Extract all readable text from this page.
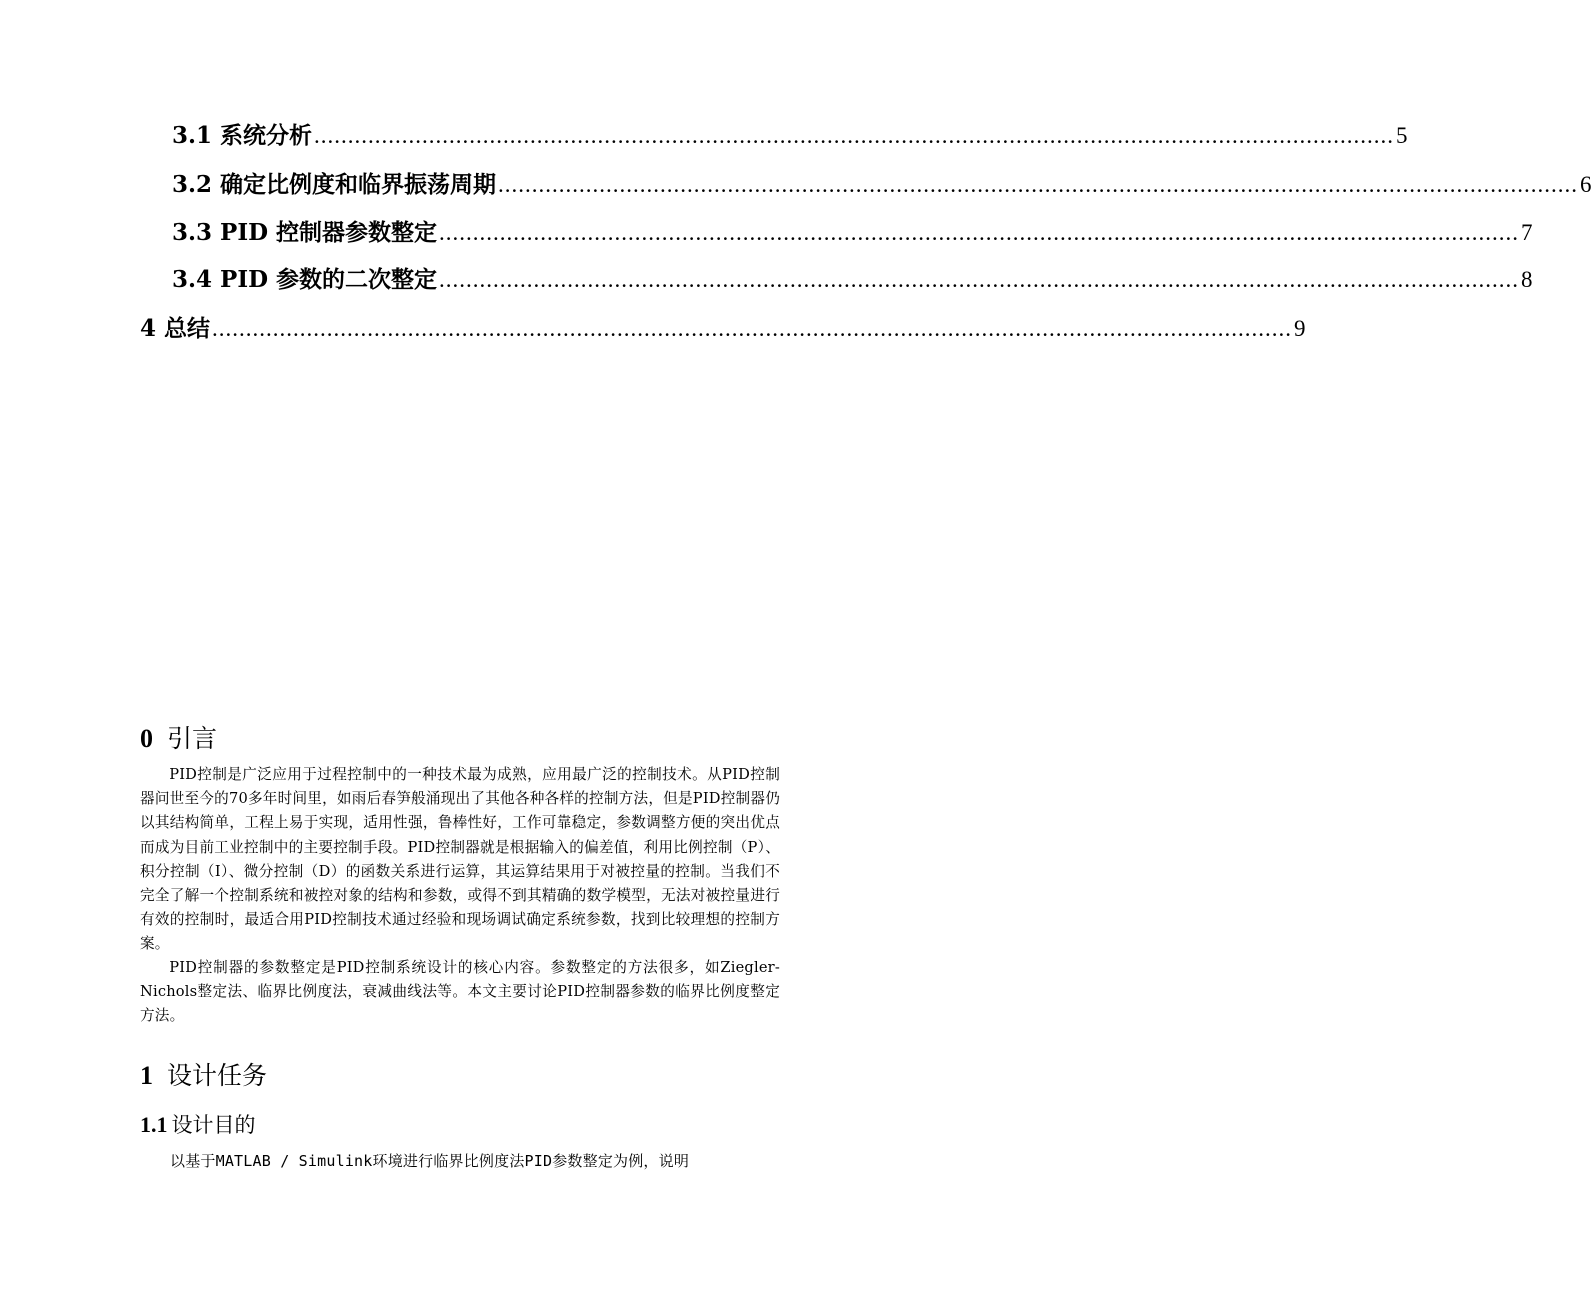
3.1 系统分析 ................................................................................................................................................................ 5
3.2 确定比例度和临界振荡周期 ................................................................................................................................................................ 6
3.3 PID 控制器参数整定 ................................................................................................................................................................ 7
3.4 PID 参数的二次整定 ................................................................................................................................................................ 8
4 总结 ................................................................................................................................................................ 9
0 引言

PID控制是广泛应用于过程控制中的一种技术最为成熟，应用最广泛的控制技术。从PID控制器问世至今的70多年时间里，如雨后春笋般涌现出了其他各种各样的控制方法，但是PID控制器仍以其结构简单，工程上易于实现，适用性强，鲁棒性好，工作可靠稳定，参数调整方便的突出优点而成为目前工业控制中的主要控制手段。PID控制器就是根据输入的偏差值，利用比例控制（P）、积分控制（I）、微分控制（D）的函数关系进行运算，其运算结果用于对被控量的控制。当我们不完全了解一个控制系统和被控对象的结构和参数，或得不到其精确的数学模型，无法对被控量进行有效的控制时，最适合用PID控制技术通过经验和现场调试确定系统参数，找到比较理想的控制方案。

PID控制器的参数整定是PID控制系统设计的核心内容。参数整定的方法很多，如Ziegler-Nichols整定法、临界比例度法，衰减曲线法等。本文主要讨论PID控制器参数的临界比例度整定方法。

1 设计任务
1.1 设计目的

以基于MATLAB / Simulink环境进行临界比例度法PID参数整定为例，说明
